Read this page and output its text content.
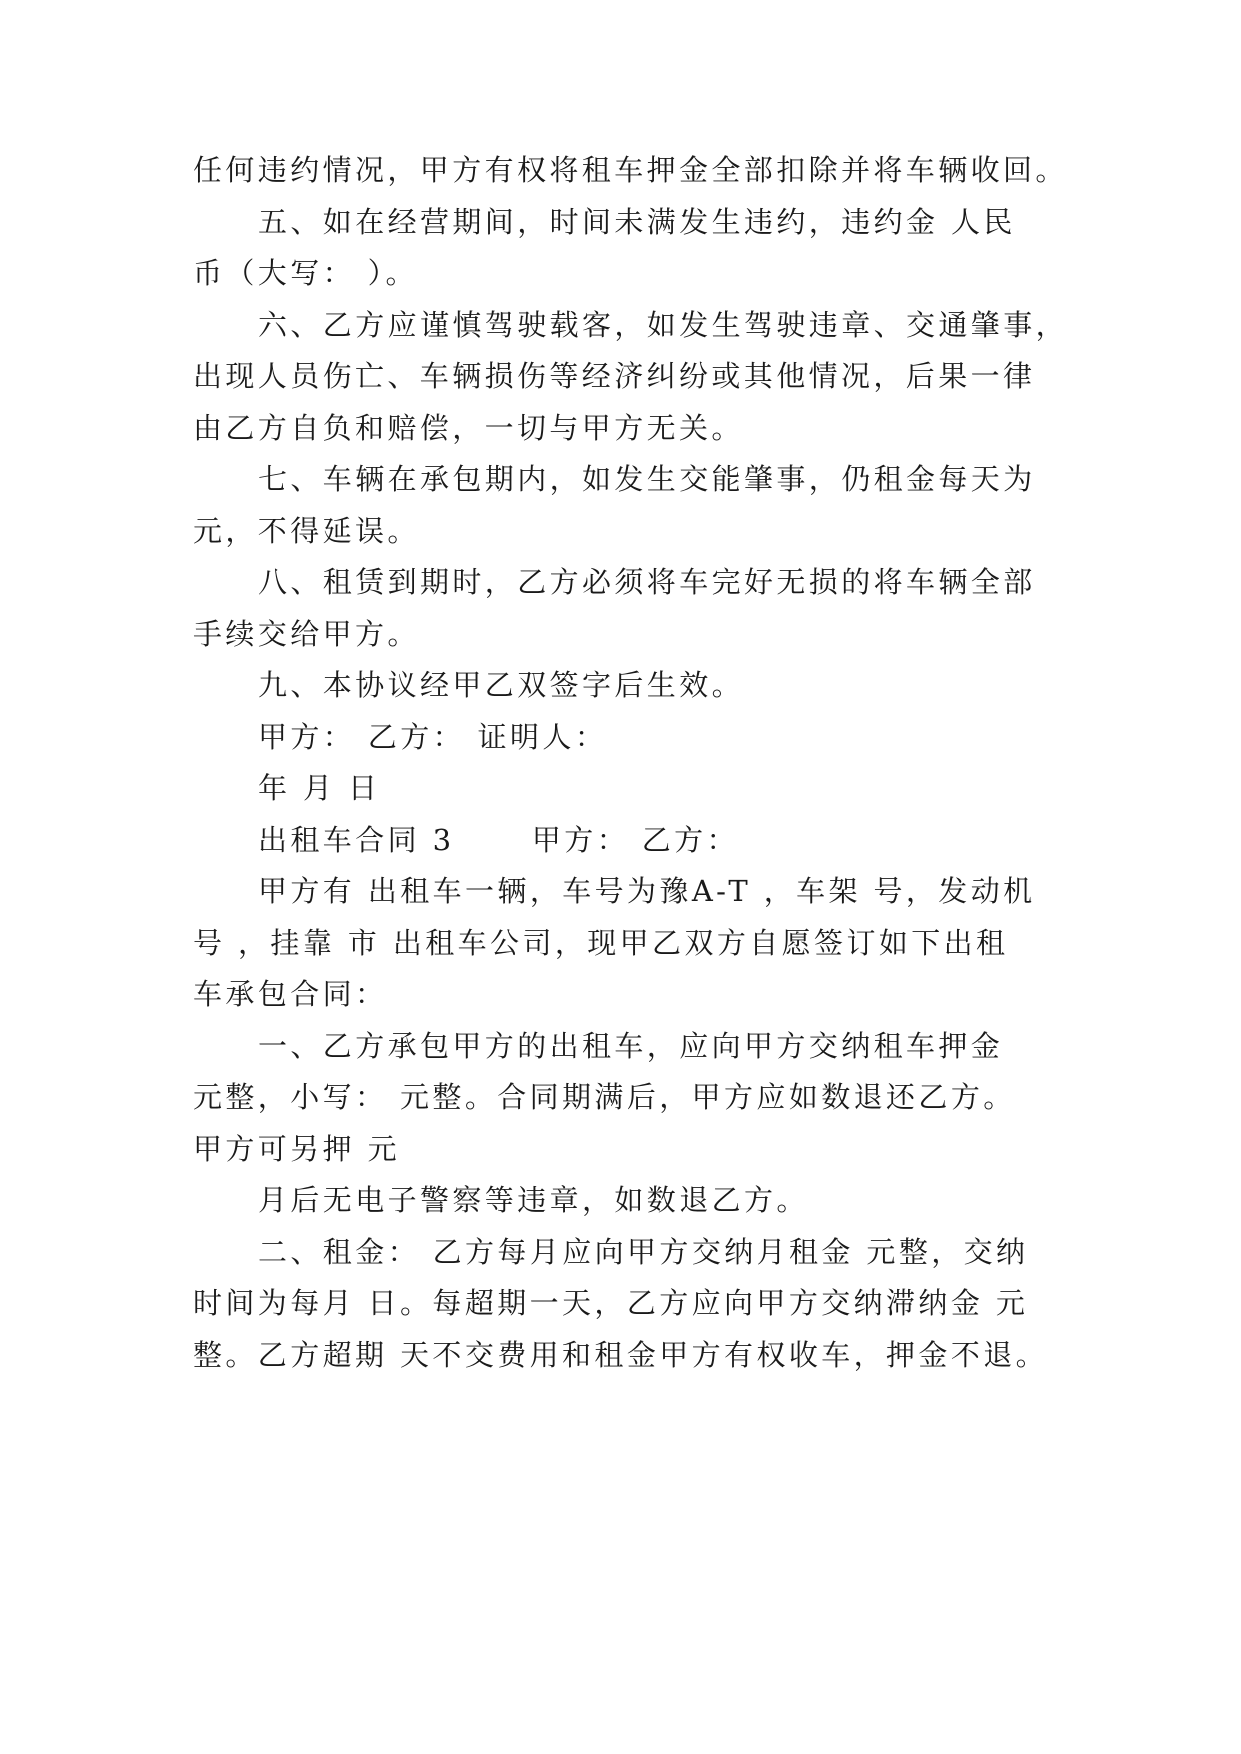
任何违约情况，甲方有权将租车押金全部扣除并将车辆收回。
五、如在经营期间，时间未满发生违约，违约金 人民
币（大写： ）。
六、乙方应谨慎驾驶载客，如发生驾驶违章、交通肇事，
出现人员伤亡、车辆损伤等经济纠纷或其他情况，后果一律
由乙方自负和赔偿，一切与甲方无关。
七、车辆在承包期内，如发生交能肇事，仍租金每天为
元，不得延误。
八、租赁到期时，乙方必须将车完好无损的将车辆全部
手续交给甲方。
九、本协议经甲乙双签字后生效。
甲方： 乙方： 证明人：
年 月 日
出租车合同 3 　　甲方： 乙方：
甲方有 出租车一辆，车号为豫A-T ，车架 号，发动机
号 ，挂靠 市 出租车公司，现甲乙双方自愿签订如下出租
车承包合同：
一、乙方承包甲方的出租车，应向甲方交纳租车押金
元整，小写： 元整。合同期满后，甲方应如数退还乙方。
甲方可另押 元
月后无电子警察等违章，如数退乙方。
二、租金： 乙方每月应向甲方交纳月租金 元整，交纳
时间为每月 日。每超期一天，乙方应向甲方交纳滞纳金 元
整。乙方超期 天不交费用和租金甲方有权收车，押金不退。
